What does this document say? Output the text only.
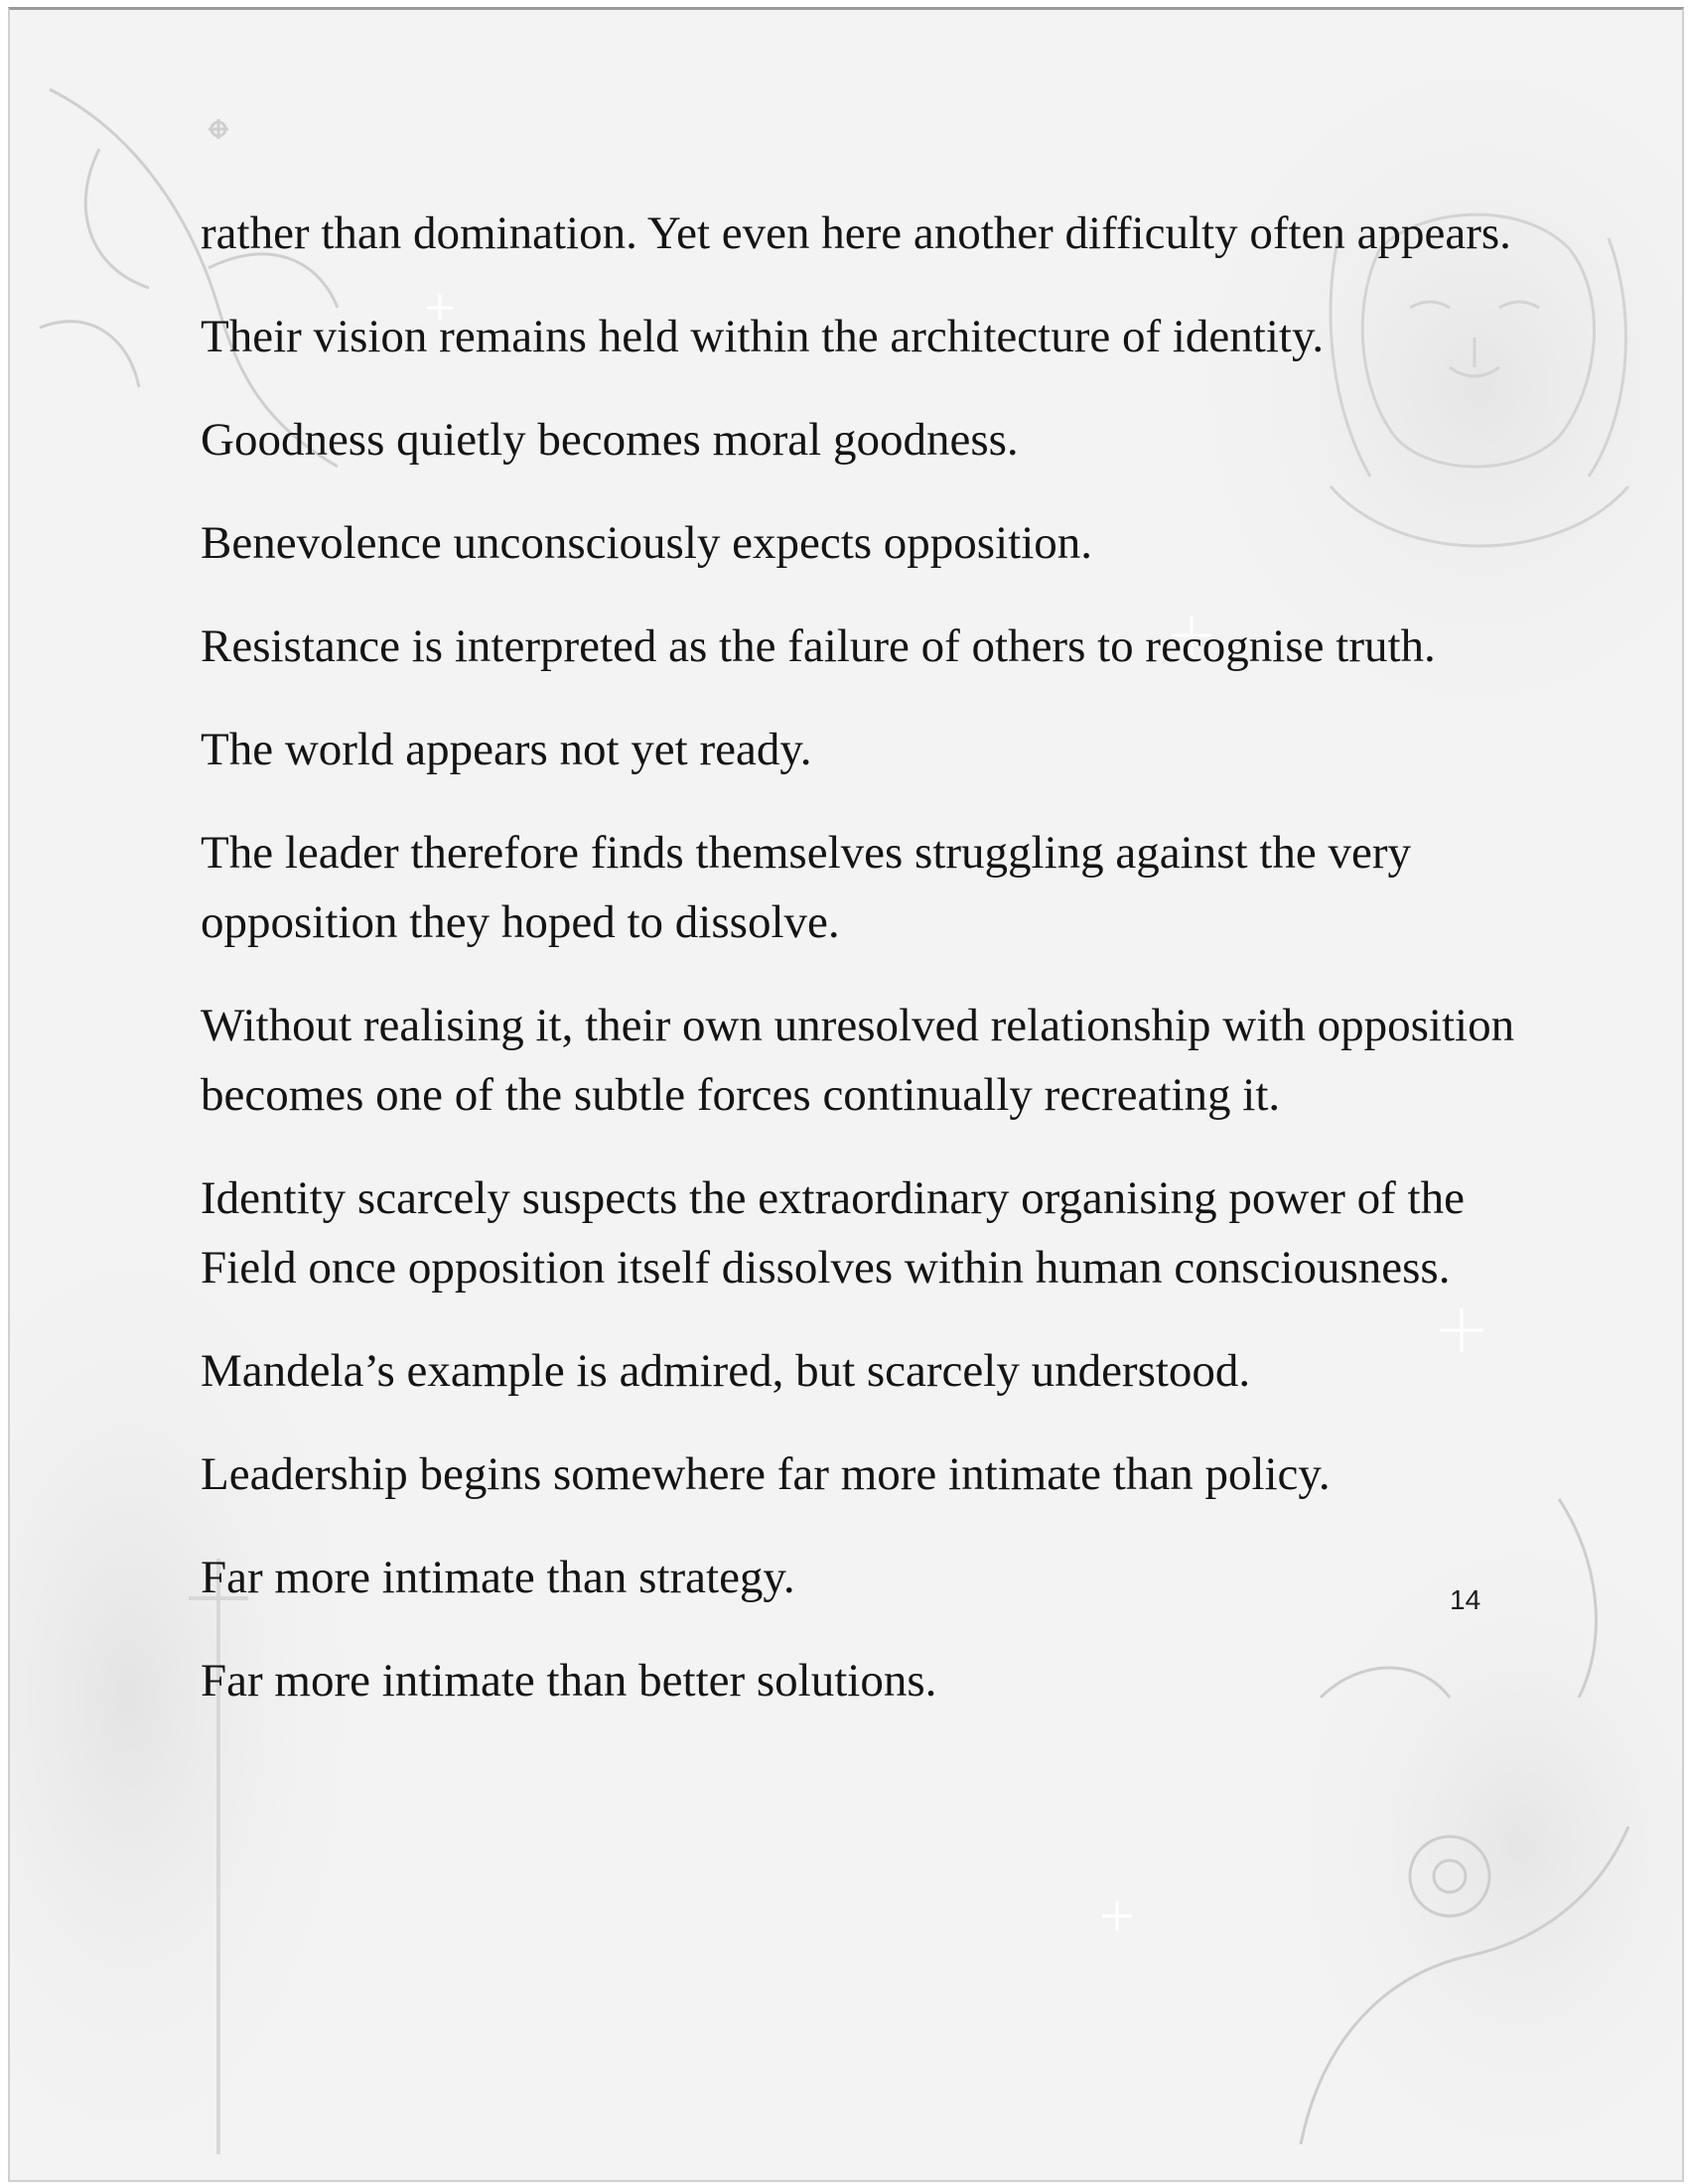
rather than domination. Yet even here another difficulty often appears.

Their vision remains held within the architecture of identity.

Goodness quietly becomes moral goodness.

Benevolence unconsciously expects opposition.

Resistance is interpreted as the failure of others to recognise truth.

The world appears not yet ready.

The leader therefore finds themselves struggling against the very opposition they hoped to dissolve.

Without realising it, their own unresolved relationship with opposition becomes one of the subtle forces continually recreating it.

Identity scarcely suspects the extraordinary organising power of the Field once opposition itself dissolves within human consciousness.

Mandela’s example is admired, but scarcely understood.

Leadership begins somewhere far more intimate than policy.

Far more intimate than strategy.

Far more intimate than better solutions.

14
